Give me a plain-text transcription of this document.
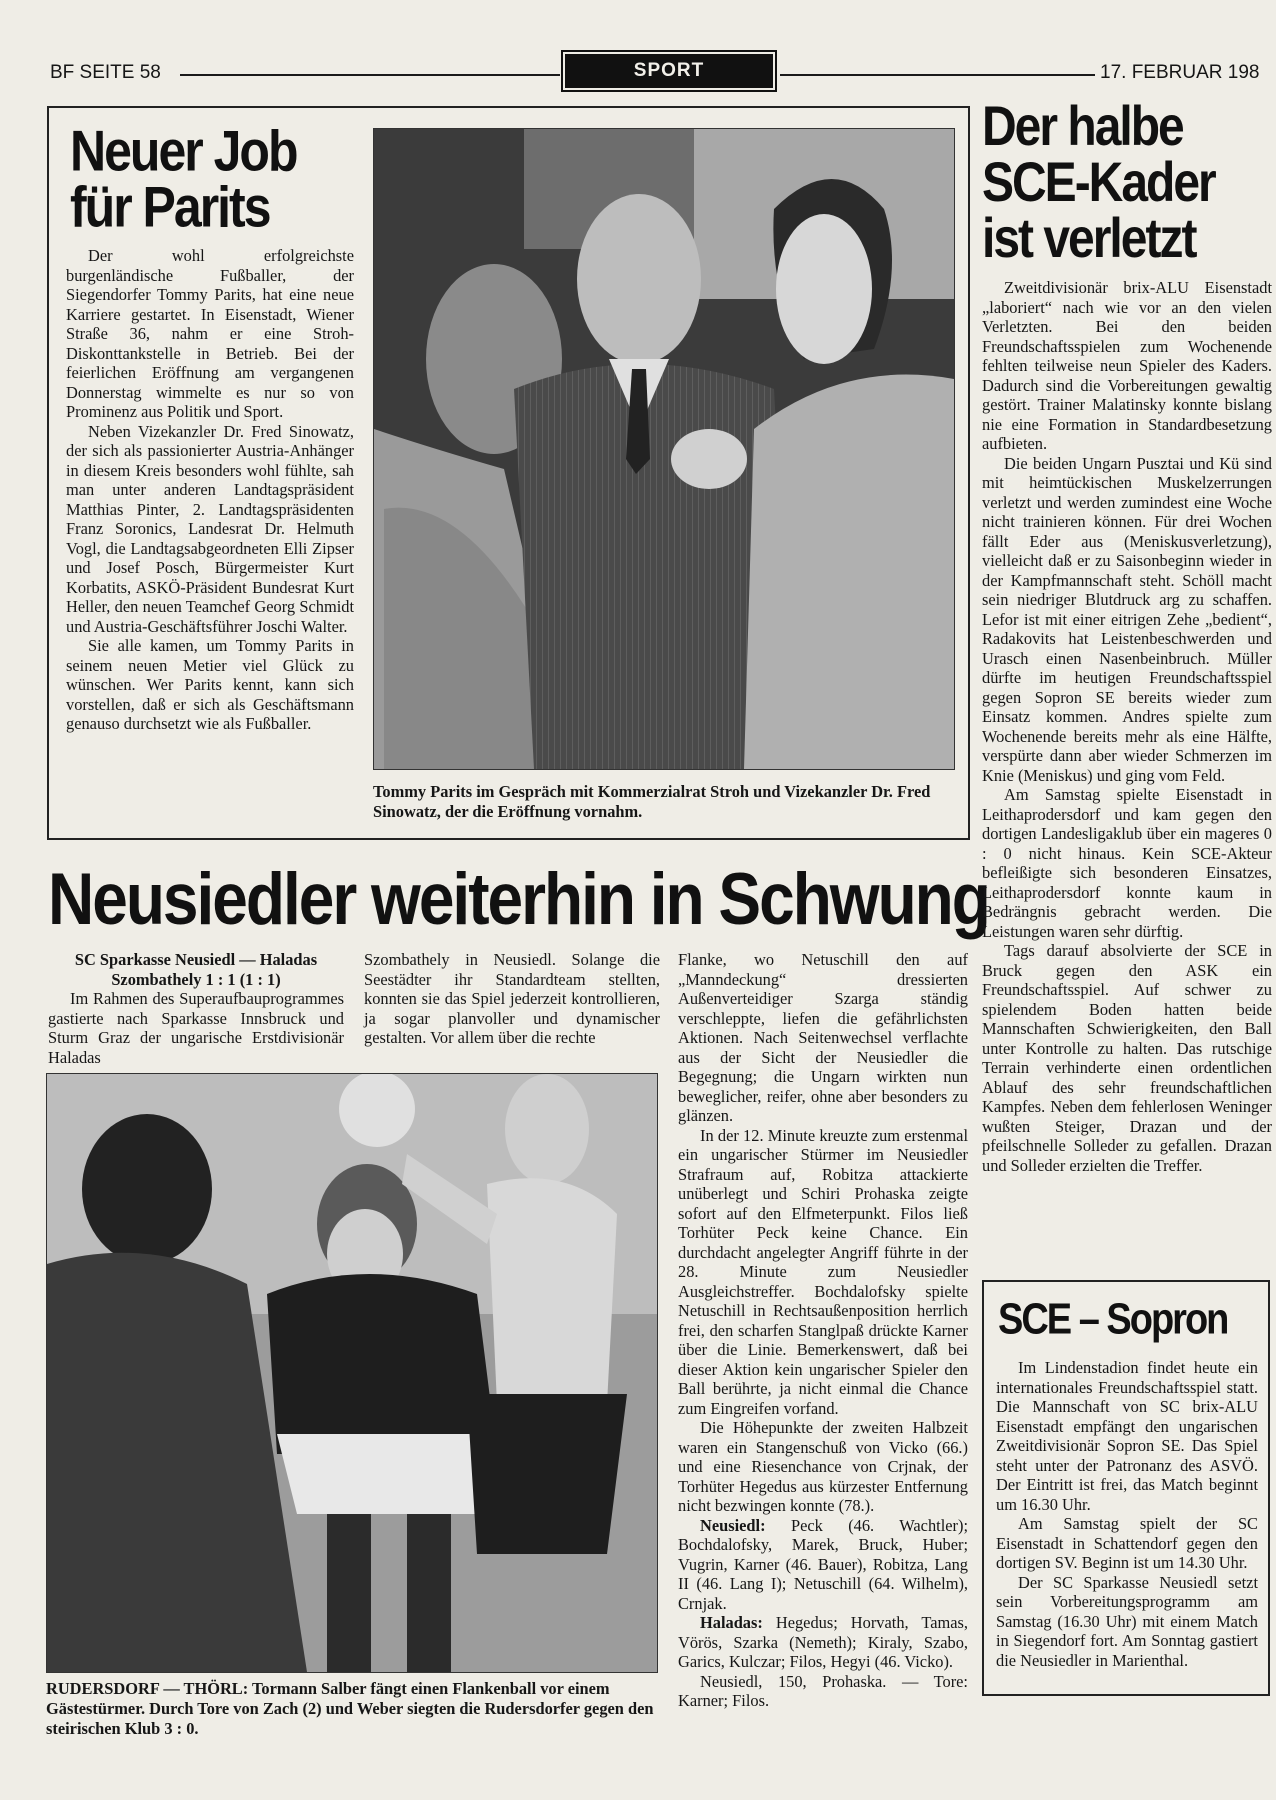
BF SEITE 58	SPORT	17. FEBRUAR 198
Neuer Job
für Parits

Der wohl erfolgreichste burgenländische Fußballer, der Siegendorfer Tommy Parits, hat eine neue Karriere gestartet. In Eisenstadt, Wiener Straße 36, nahm er eine Stroh-Diskonttankstelle in Betrieb. Bei der feierlichen Eröffnung am vergangenen Donnerstag wimmelte es nur so von Prominenz aus Politik und Sport.

Neben Vizekanzler Dr. Fred Sinowatz, der sich als passionierter Austria-Anhänger in diesem Kreis besonders wohl fühlte, sah man unter anderen Landtagspräsident Matthias Pinter, 2. Landtagspräsidenten Franz Soronics, Landesrat Dr. Helmuth Vogl, die Landtagsabgeordneten Elli Zipser und Josef Posch, Bürgermeister Kurt Korbatits, ASKÖ-Präsident Bundesrat Kurt Heller, den neuen Teamchef Georg Schmidt und Austria-Geschäftsführer Joschi Walter.

Sie alle kamen, um Tommy Parits in seinem neuen Metier viel Glück zu wünschen. Wer Parits kennt, kann sich vorstellen, daß er sich als Geschäftsmann genauso durchsetzt wie als Fußballer.

Tommy Parits im Gespräch mit Kommerzialrat Stroh und Vizekanzler Dr. Fred Sinowatz, der die Eröffnung vornahm.
Neusiedler weiterhin in Schwung

SC Sparkasse Neusiedl — Haladas Szombathely 1 : 1 (1 : 1)

Im Rahmen des Superaufbauprogrammes gastierte nach Sparkasse Innsbruck und Sturm Graz der ungarische Erstdivisionär Haladas

Szombathely in Neusiedl. Solange die Seestädter ihr Standardteam stellten, konnten sie das Spiel jederzeit kontrollieren, ja sogar planvoller und dynamischer gestalten. Vor allem über die rechte

RUDERSDORF — THÖRL: Tormann Salber fängt einen Flankenball vor einem Gästestürmer. Durch Tore von Zach (2) und Weber siegten die Rudersdorfer gegen den steirischen Klub 3 : 0.

Flanke, wo Netuschill den auf „Manndeckung“ dressierten Außenverteidiger Szarga ständig verschleppte, liefen die gefährlichsten Aktionen. Nach Seitenwechsel verflachte aus der Sicht der Neusiedler die Begegnung; die Ungarn wirkten nun beweglicher, reifer, ohne aber besonders zu glänzen.

In der 12. Minute kreuzte zum erstenmal ein ungarischer Stürmer im Neusiedler Strafraum auf, Robitza attackierte unüberlegt und Schiri Prohaska zeigte sofort auf den Elfmeterpunkt. Filos ließ Torhüter Peck keine Chance. Ein durchdacht angelegter Angriff führte in der 28. Minute zum Neusiedler Ausgleichstreffer. Bochdalofsky spielte Netuschill in Rechtsaußenposition herrlich frei, den scharfen Stanglpaß drückte Karner über die Linie. Bemerkenswert, daß bei dieser Aktion kein ungarischer Spieler den Ball berührte, ja nicht einmal die Chance zum Eingreifen vorfand.

Die Höhepunkte der zweiten Halbzeit waren ein Stangenschuß von Vicko (66.) und eine Riesenchance von Crjnak, der Torhüter Hegedus aus kürzester Entfernung nicht bezwingen konnte (78.).

Neusiedl: Peck (46. Wachtler); Bochdalofsky, Marek, Bruck, Huber; Vugrin, Karner (46. Bauer), Robitza, Lang II (46. Lang I); Netuschill (64. Wilhelm), Crnjak.

Haladas: Hegedus; Horvath, Tamas, Vörös, Szarka (Nemeth); Kiraly, Szabo, Garics, Kulczar; Filos, Hegyi (46. Vicko).

Neusiedl, 150, Prohaska. — Tore: Karner; Filos.

Der halbe
SCE-Kader
ist verletzt

Zweitdivisionär brix-ALU Eisenstadt „laboriert“ nach wie vor an den vielen Verletzten. Bei den beiden Freundschaftsspielen zum Wochenende fehlten teilweise neun Spieler des Kaders. Dadurch sind die Vorbereitungen gewaltig gestört. Trainer Malatinsky konnte bislang nie eine Formation in Standardbesetzung aufbieten.

Die beiden Ungarn Pusztai und Kü sind mit heimtückischen Muskelzerrungen verletzt und werden zumindest eine Woche nicht trainieren können. Für drei Wochen fällt Eder aus (Meniskusverletzung), vielleicht daß er zu Saisonbeginn wieder in der Kampfmannschaft steht. Schöll macht sein niedriger Blutdruck arg zu schaffen. Lefor ist mit einer eitrigen Zehe „bedient“, Radakovits hat Leistenbeschwerden und Urasch einen Nasenbeinbruch. Müller dürfte im heutigen Freundschaftsspiel gegen Sopron SE bereits wieder zum Einsatz kommen. Andres spielte zum Wochenende bereits mehr als eine Hälfte, verspürte dann aber wieder Schmerzen im Knie (Meniskus) und ging vom Feld.

Am Samstag spielte Eisenstadt in Leithaprodersdorf und kam gegen den dortigen Landesligaklub über ein mageres 0 : 0 nicht hinaus. Kein SCE-Akteur befleißigte sich besonderen Einsatzes, Leithaprodersdorf konnte kaum in Bedrängnis gebracht werden. Die Leistungen waren sehr dürftig.

Tags darauf absolvierte der SCE in Bruck gegen den ASK ein Freundschaftsspiel. Auf schwer zu spielendem Boden hatten beide Mannschaften Schwierigkeiten, den Ball unter Kontrolle zu halten. Das rutschige Terrain verhinderte einen ordentlichen Ablauf des sehr freundschaftlichen Kampfes. Neben dem fehlerlosen Weninger wußten Steiger, Drazan und der pfeilschnelle Solleder zu gefallen. Drazan und Solleder erzielten die Treffer.

SCE – Sopron

Im Lindenstadion findet heute ein internationales Freundschaftsspiel statt. Die Mannschaft von SC brix-ALU Eisenstadt empfängt den ungarischen Zweitdivisionär Sopron SE. Das Spiel steht unter der Patronanz des ASVÖ. Der Eintritt ist frei, das Match beginnt um 16.30 Uhr.

Am Samstag spielt der SC Eisenstadt in Schattendorf gegen den dortigen SV. Beginn ist um 14.30 Uhr.

Der SC Sparkasse Neusiedl setzt sein Vorbereitungsprogramm am Samstag (16.30 Uhr) mit einem Match in Siegendorf fort. Am Sonntag gastiert die Neusiedler in Marienthal.
